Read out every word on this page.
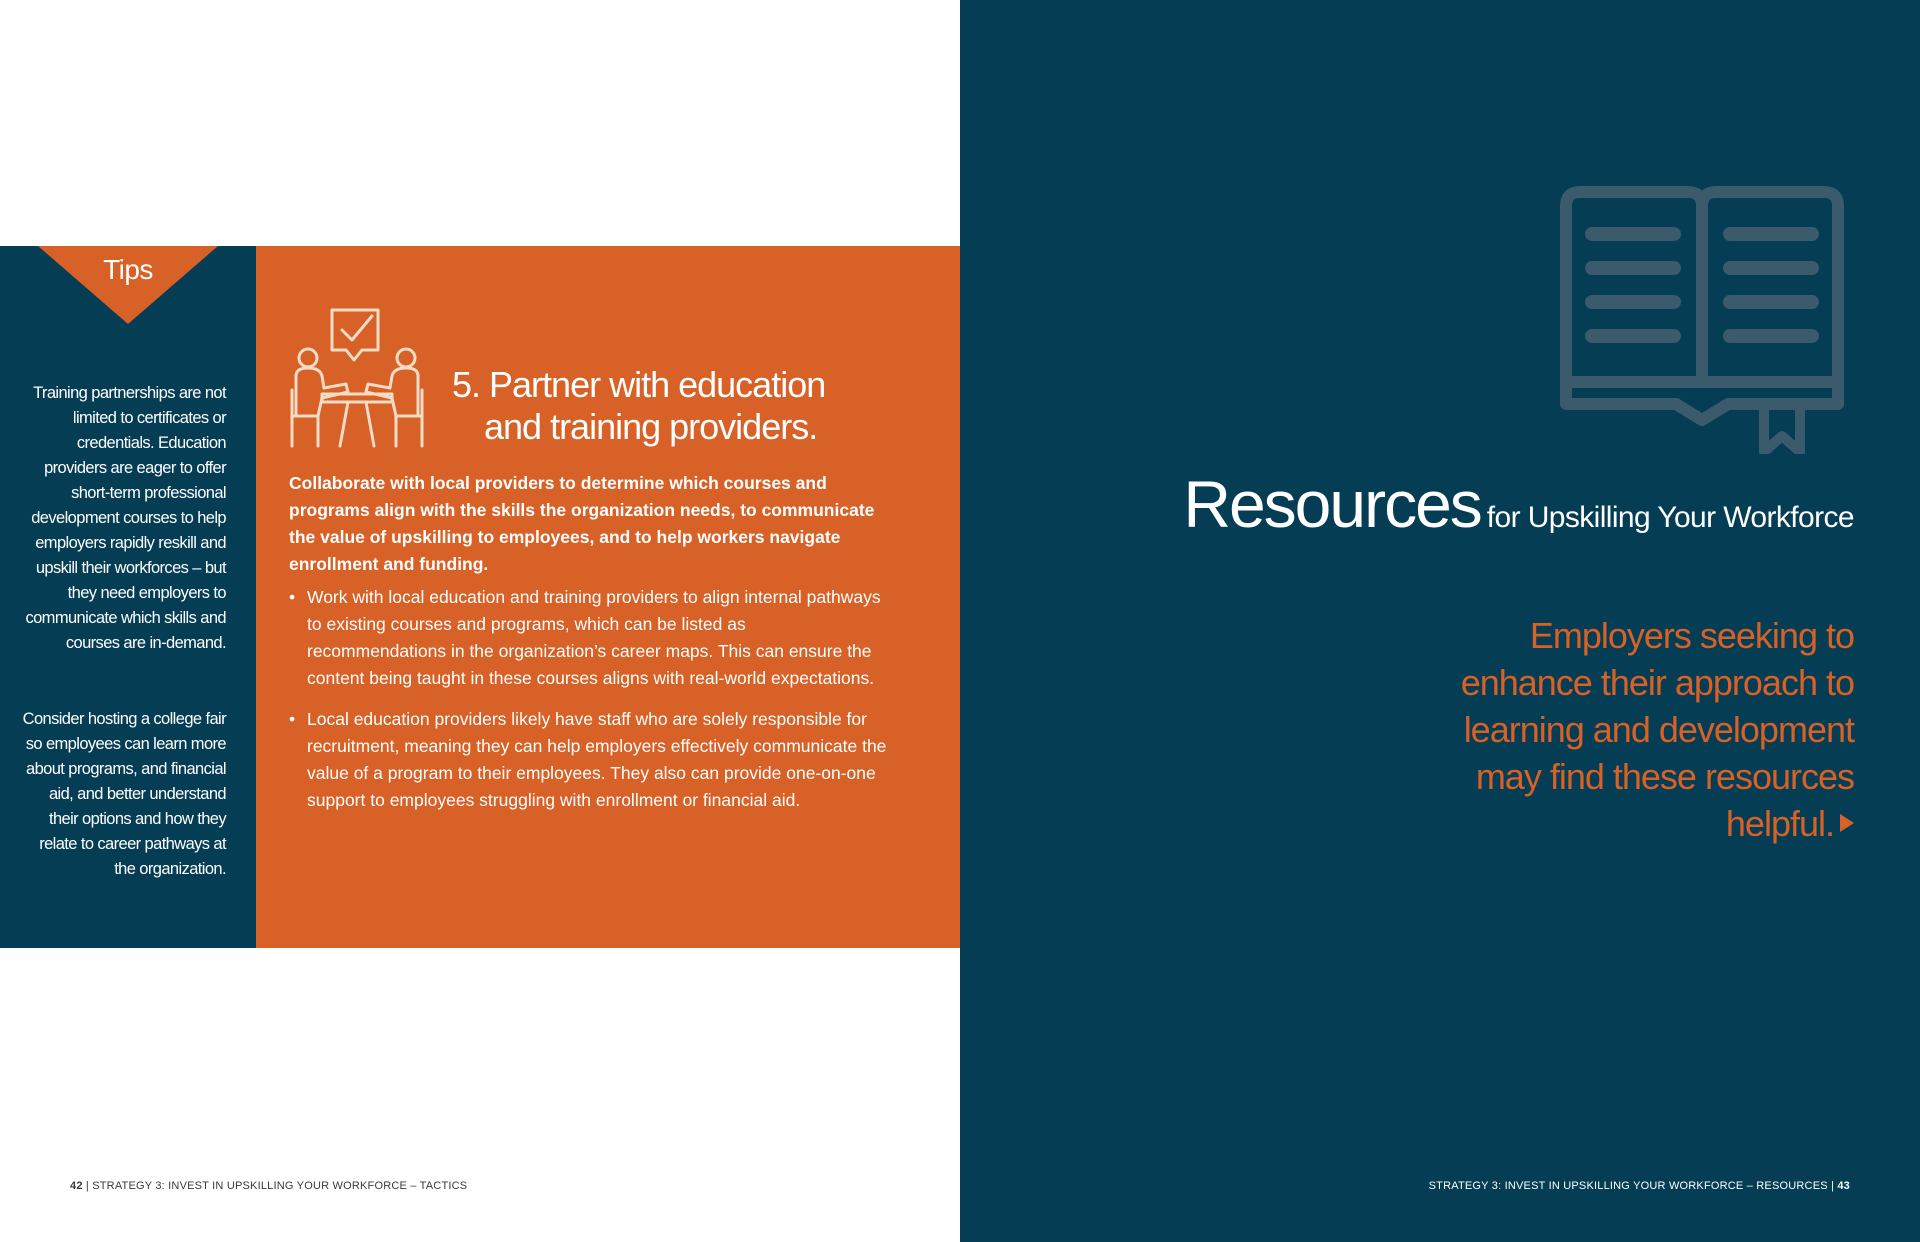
Tips

Training partnerships are not limited to certificates or credentials. Education providers are eager to offer short-term professional development courses to help employers rapidly reskill and upskill their workforces – but they need employers to communicate which skills and courses are in-demand.

Consider hosting a college fair so employees can learn more about programs, and financial aid, and better understand their options and how they relate to career pathways at the organization.

5. Partner with education
and training providers.

Collaborate with local providers to determine which courses and programs align with the skills the organization needs, to communicate the value of upskilling to employees, and to help workers navigate enrollment and funding.

• Work with local education and training providers to align internal pathways to existing courses and programs, which can be listed as recommendations in the organization’s career maps. This can ensure the content being taught in these courses aligns with real-world expectations.
• Local education providers likely have staff who are solely responsible for recruitment, meaning they can help employers effectively communicate the value of a program to their employees. They also can provide one-on-one support to employees struggling with enrollment or financial aid.
42 | STRATEGY 3: INVEST IN UPSKILLING YOUR WORKFORCE – TACTICS
Resources for Upskilling Your Workforce

Employers seeking to enhance their approach to learning and development may find these resources helpful.

STRATEGY 3: INVEST IN UPSKILLING YOUR WORKFORCE – RESOURCES | 43
